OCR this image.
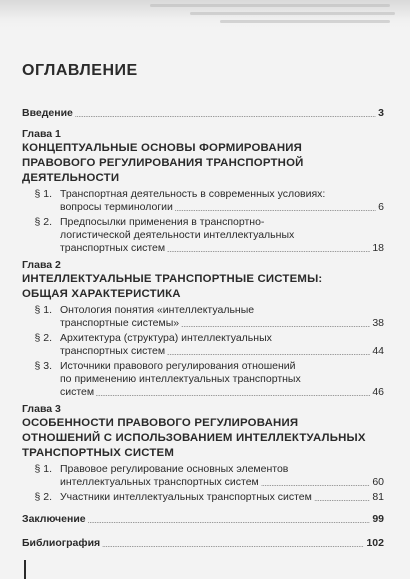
ОГЛАВЛЕНИЕ
Введение	3
Глава 1
КОНЦЕПТУАЛЬНЫЕ ОСНОВЫ ФОРМИРОВАНИЯ
ПРАВОВОГО РЕГУЛИРОВАНИЯ ТРАНСПОРТНОЙ
ДЕЯТЕЛЬНОСТИ
§ 1. Транспортная деятельность в современных условиях:
вопросы терминологии	6
§ 2. Предпосылки применения в транспортно-
логистической деятельности интеллектуальных
транспортных систем	18
Глава 2
ИНТЕЛЛЕКТУАЛЬНЫЕ ТРАНСПОРТНЫЕ СИСТЕМЫ:
ОБЩАЯ ХАРАКТЕРИСТИКА
§ 1. Онтология понятия «интеллектуальные
транспортные системы»	38
§ 2. Архитектура (структура) интеллектуальных
транспортных систем	44
§ 3. Источники правового регулирования отношений
по применению интеллектуальных транспортных
систем	46
Глава 3
ОСОБЕННОСТИ ПРАВОВОГО РЕГУЛИРОВАНИЯ
ОТНОШЕНИЙ С ИСПОЛЬЗОВАНИЕМ ИНТЕЛЛЕКТУАЛЬНЫХ
ТРАНСПОРТНЫХ СИСТЕМ
§ 1. Правовое регулирование основных элементов
интеллектуальных транспортных систем	60
§ 2. Участники интеллектуальных транспортных систем	81
Заключение	99
Библиография	102
